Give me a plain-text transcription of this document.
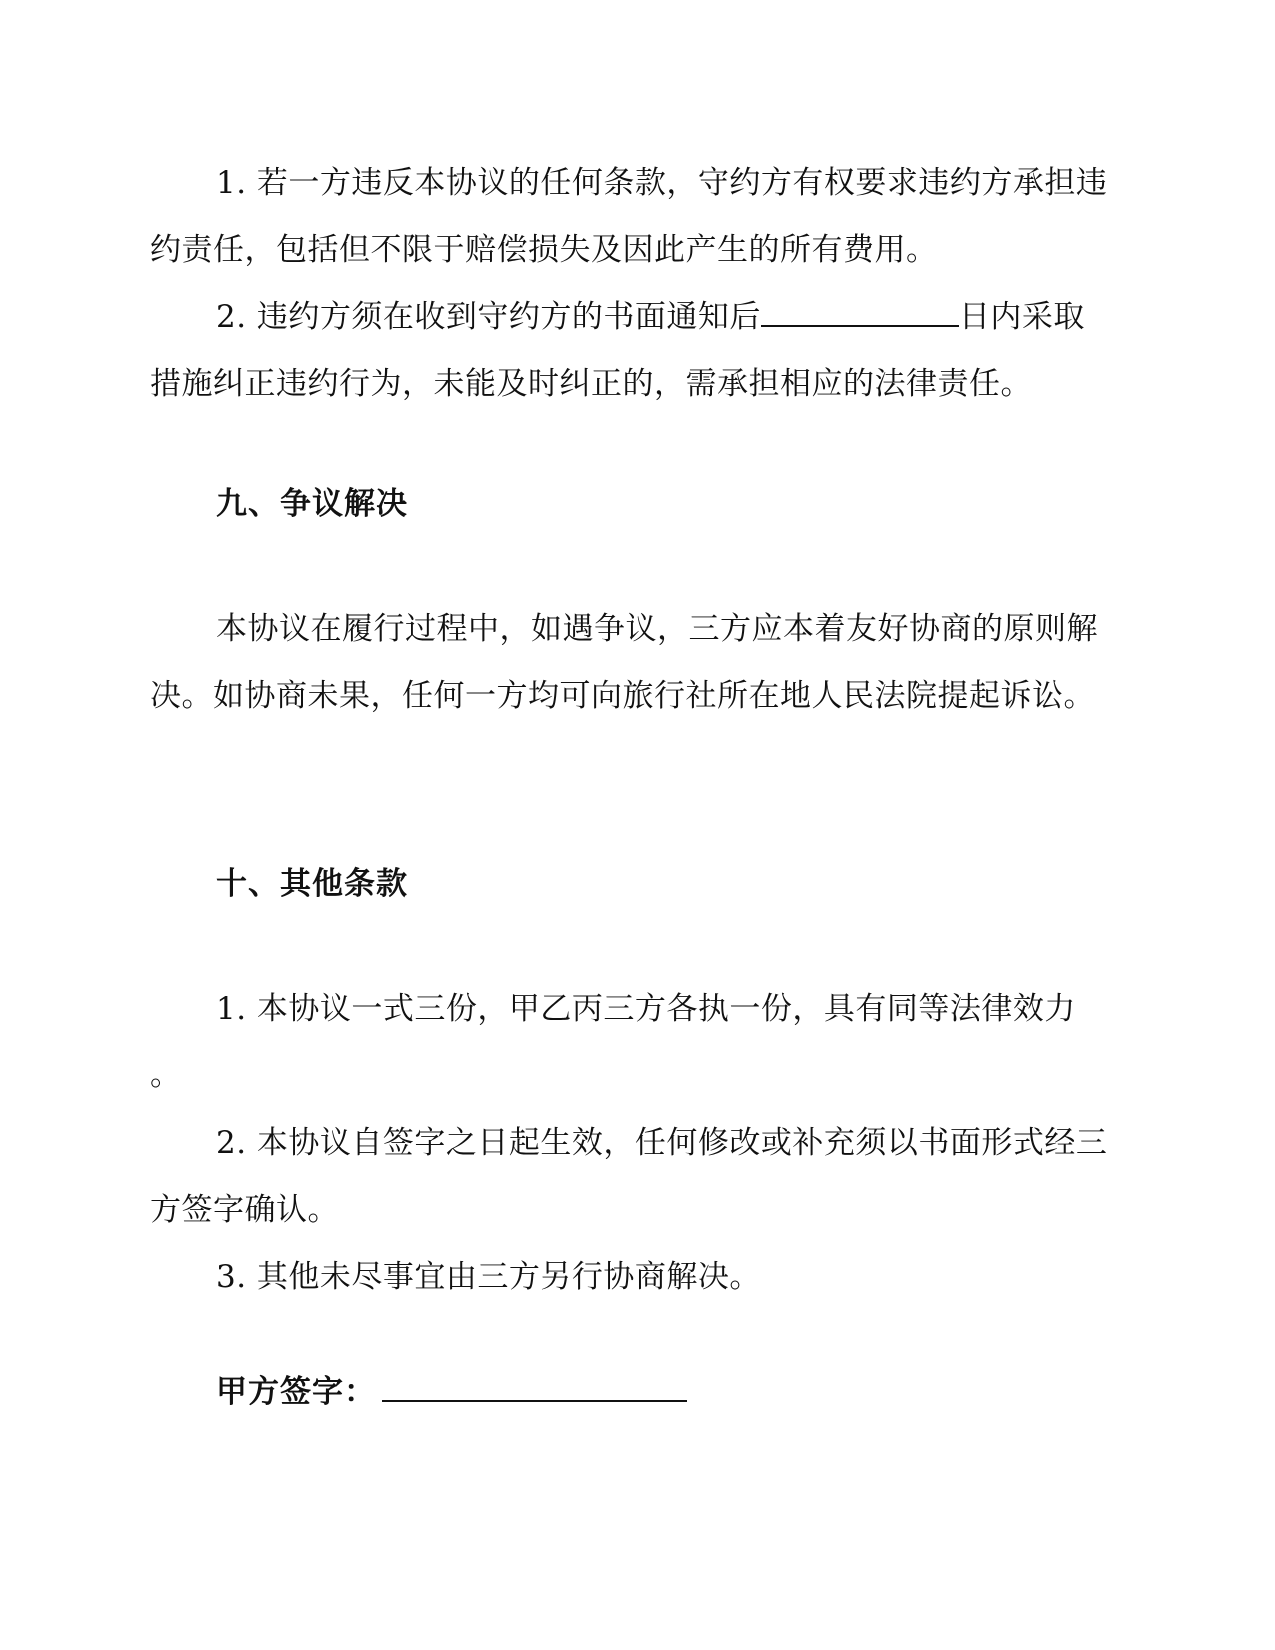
1. 若一方违反本协议的任何条款，守约方有权要求违约方承担违约责任，包括但不限于赔偿损失及因此产生的所有费用。

2. 违约方须在收到守约方的书面通知后	日内采取措施纠正违约行为，未能及时纠正的，需承担相应的法律责任。

九、争议解决

本协议在履行过程中，如遇争议，三方应本着友好协商的原则解决。如协商未果，任何一方均可向旅行社所在地人民法院提起诉讼。

十、其他条款

1. 本协议一式三份，甲乙丙三方各执一份，具有同等法律效力

。

2. 本协议自签字之日起生效，任何修改或补充须以书面形式经三方签字确认。

3. 其他未尽事宜由三方另行协商解决。

甲方签字：
